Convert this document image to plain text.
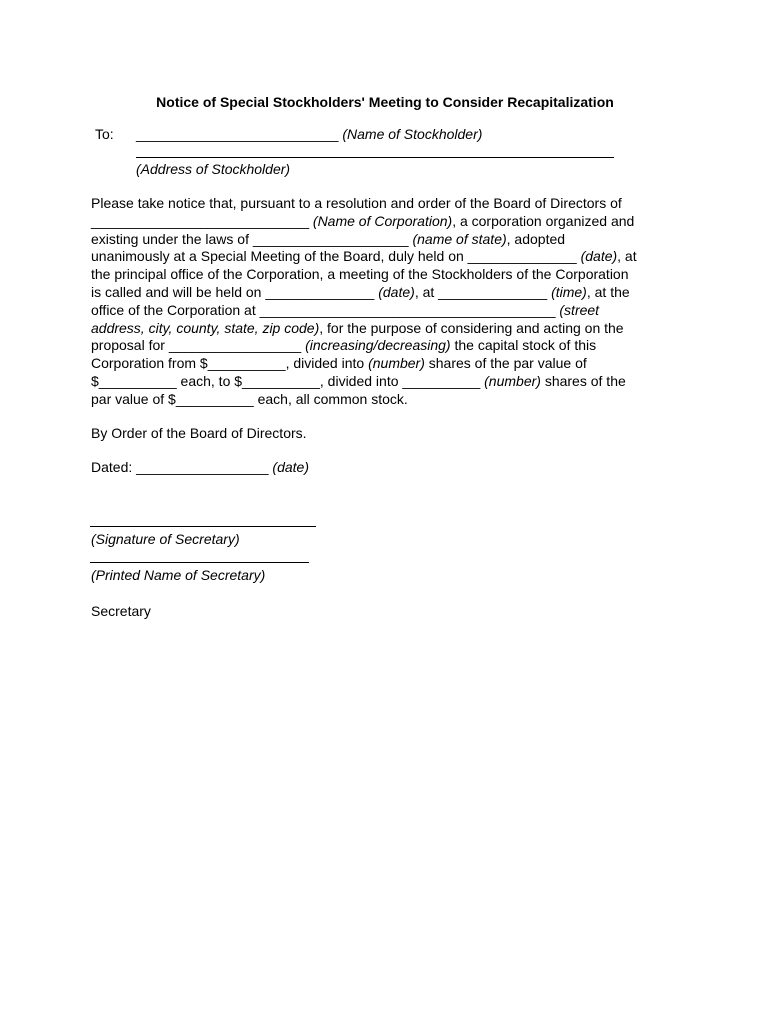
Notice of Special Stockholders' Meeting to Consider Recapitalization
To: __________________________ (Name of Stockholder)
(Address of Stockholder)
Please take notice that, pursuant to a resolution and order of the Board of Directors of
____________________________ (Name of Corporation), a corporation organized and
existing under the laws of ____________________ (name of state), adopted
unanimously at a Special Meeting of the Board, duly held on ______________ (date), at
the principal office of the Corporation, a meeting of the Stockholders of the Corporation
is called and will be held on ______________ (date), at ______________ (time), at the
office of the Corporation at ______________________________________ (street
address, city, county, state, zip code), for the purpose of considering and acting on the
proposal for _________________ (increasing/decreasing) the capital stock of this
Corporation from $__________, divided into (number) shares of the par value of
$__________ each, to $__________, divided into __________ (number) shares of the
par value of $__________ each, all common stock.
By Order of the Board of Directors.
Dated: _________________ (date)
(Signature of Secretary)
(Printed Name of Secretary)
Secretary
